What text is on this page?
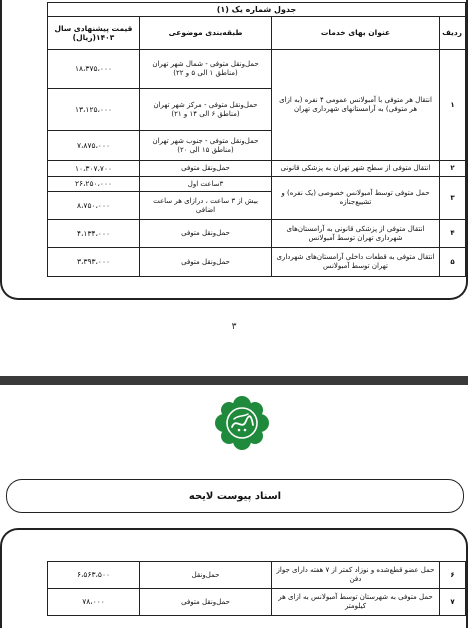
جدول شماره یک (۱)			
ردیف	عنوان بهای خدمات	طبقه‌بندی موضوعی	قیمت پیشنهادی سال ۱۴۰۳(ریال)
۱	انتقال هر متوفی با آمبولانس عمومی ۴ نفره (به ازای هر متوفی) به آرامستانهای شهرداری تهران	حمل‌ونقل متوفی - شمال شهر تهران (مناطق ۱ الی ۵ و ۲۲)	۱۸،۳۷۵،۰۰۰
		حمل‌ونقل متوفی - مرکز شهر تهران (مناطق ۶ الی ۱۴ و ۲۱)	۱۳،۱۲۵،۰۰۰
		حمل‌ونقل متوفی - جنوب شهر تهران (مناطق ۱۵ الی ۲۰)	۷،۸۷۵،۰۰۰
۲	انتقال متوفی از سطح شهر تهران به پزشکی قانونی	حمل‌ونقل متوفی	۱۰،۳۰۷،۷۰۰
۳	حمل متوفی توسط آمبولانس خصوصی (یک نفره) و تشییع‌جنازه	۳ساعت اول	۲۶،۲۵۰،۰۰۰
		بیش از ۳ ساعت ، درازای هر ساعت اضافی	۸،۷۵۰،۰۰۰
۴	انتقال متوفی از پزشکی قانونی به آرامستان‌های شهرداری تهران توسط آمبولانس	حمل‌ونقل متوفی	۴،۱۳۴،۰۰۰
۵	انتقال متوفی به قطعات داخلی آرامستان‌های شهرداری تهران توسط آمبولانس	حمل‌ونقل متوفی	۳،۳۹۳،۰۰۰
۳
اسناد پیوست لایحه
۶	حمل عضو قطع‌شده و نوزاد کمتر از ۷ هفته دارای جواز دفن	حمل‌ونقل	۶،۵۶۳،۵۰۰
۷	حمل متوفی به شهرستان توسط آمبولانس به ازای هر کیلومتر	حمل‌ونقل متوفی	۷۸،۰۰۰
